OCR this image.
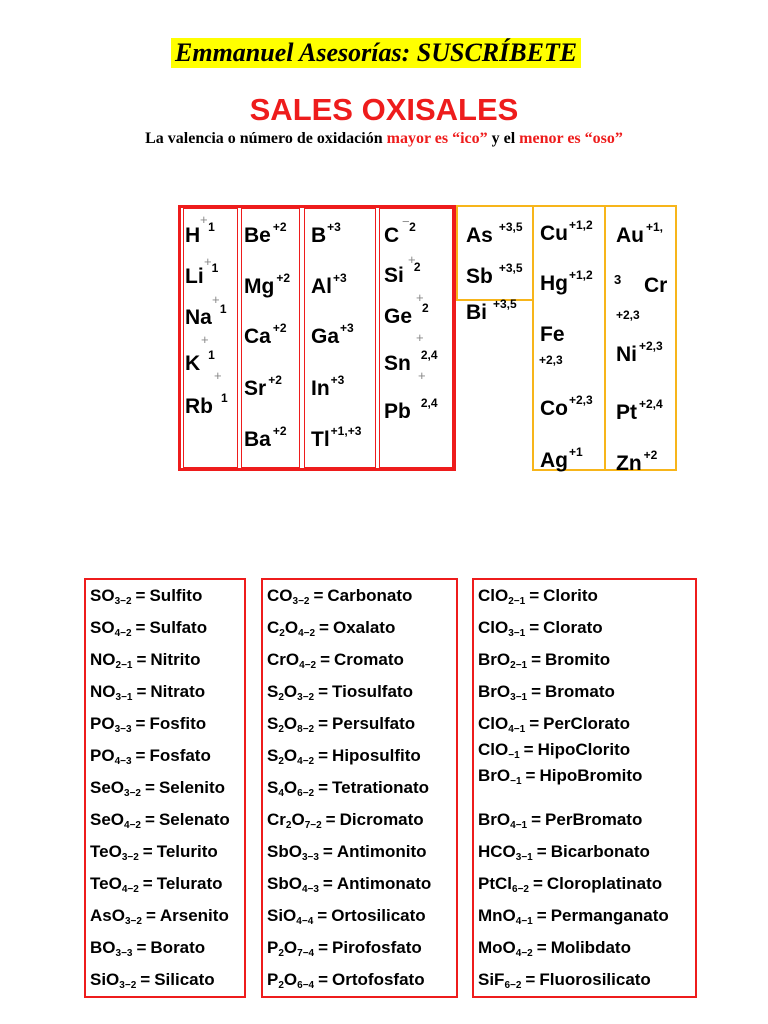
Emmanuel Asesorías: SUSCRÍBETE
SALES OXISALES
La valencia o número de oxidación mayor es “ico” y el menor es “oso”
H $^1$
Li $^1$
Na $^1$
K $^1$
Rb $^1$
Be $^{+2}$
Mg $^{+2}$
Ca $^{+2}$
Sr $^{+2}$
Ba $^{+2}$
$B^{+3}$
$Al^{+3}$
$Ga^{+3}$
$In^{+3}$
$Tl^{+1,+3}$
C $^2$
Si $^2$
Ge $^2$
Sn $^{2,4}$
Pb $^{2,4}$
As $^{+3,5}$
Sb $^{+3,5}$
Bi $^{+3,5}$
$Cu^{+1,2}$
$Hg^{+1,2}$
Fe
+2,3
$Co^{+2,3}$
$Ag^{+1}$
Au $^{+1,}$
3 Cr
+2,3
Ni $^{+2,3}$
Pt $^{+2,4}$
Zn $^{+2}$
+
+
+
+
+
−
+
+
+
+
$SO_{3-2}$ = Sulfito
$SO_{4-2}$ = Sulfato
$NO_{2-1}$ = Nitrito
$NO_{3-1}$ = Nitrato
$PO_{3-3}$ = Fosfito
$PO_{4-3}$ = Fosfato
SeO$_{3-2}$ = Selenito
SeO$_{4-2}$ = Selenato
TeO$_{3-2}$ = Telurito
TeO$_{4-2}$ = Telurato
AsO$_{3-2}$ = Arsenito
$BO_{3-3}$ = Borato
SiO$_{3-2}$ = Silicato
$CO_{3-2}$ = Carbonato
$C_2O_{4-2}$ = Oxalato
CrO$_{4-2}$ = Cromato
$S_2O_{3-2}$ = Tiosulfato
$S_2O_{8-2}$ = Persulfato
$S_2O_{4-2}$ = Hiposulfito
$S_4O_{6-2}$ = Tetrationato
$Cr_2O_{7-2}$ = Dicromato
SbO$_{3-3}$ = Antimonito
SbO$_{4-3}$ = Antimonato
SiO$_{4-4}$ = Ortosilicato
$P_2O_{7-4}$ = Pirofosfato
$P_2O_{6-4}$ = Ortofosfato
ClO$_{2-1}$ = Clorito
ClO$_{3-1}$ = Clorato
BrO$_{2-1}$ = Bromito
BrO$_{3-1}$ = Bromato
ClO$_{4-1}$ = PerClorato
ClO$_{-1}$ = HipoClorito
BrO$_{-1}$ = HipoBromito
BrO$_{4-1}$ = PerBromato
$HCO_{3-1}$ = Bicarbonato
PtCl$_{6-2}$ = Cloroplatinato
MnO$_{4-1}$ = Permanganato
MoO$_{4-2}$ = Molibdato
SiF$_{6-2}$ = Fluorosilicato
